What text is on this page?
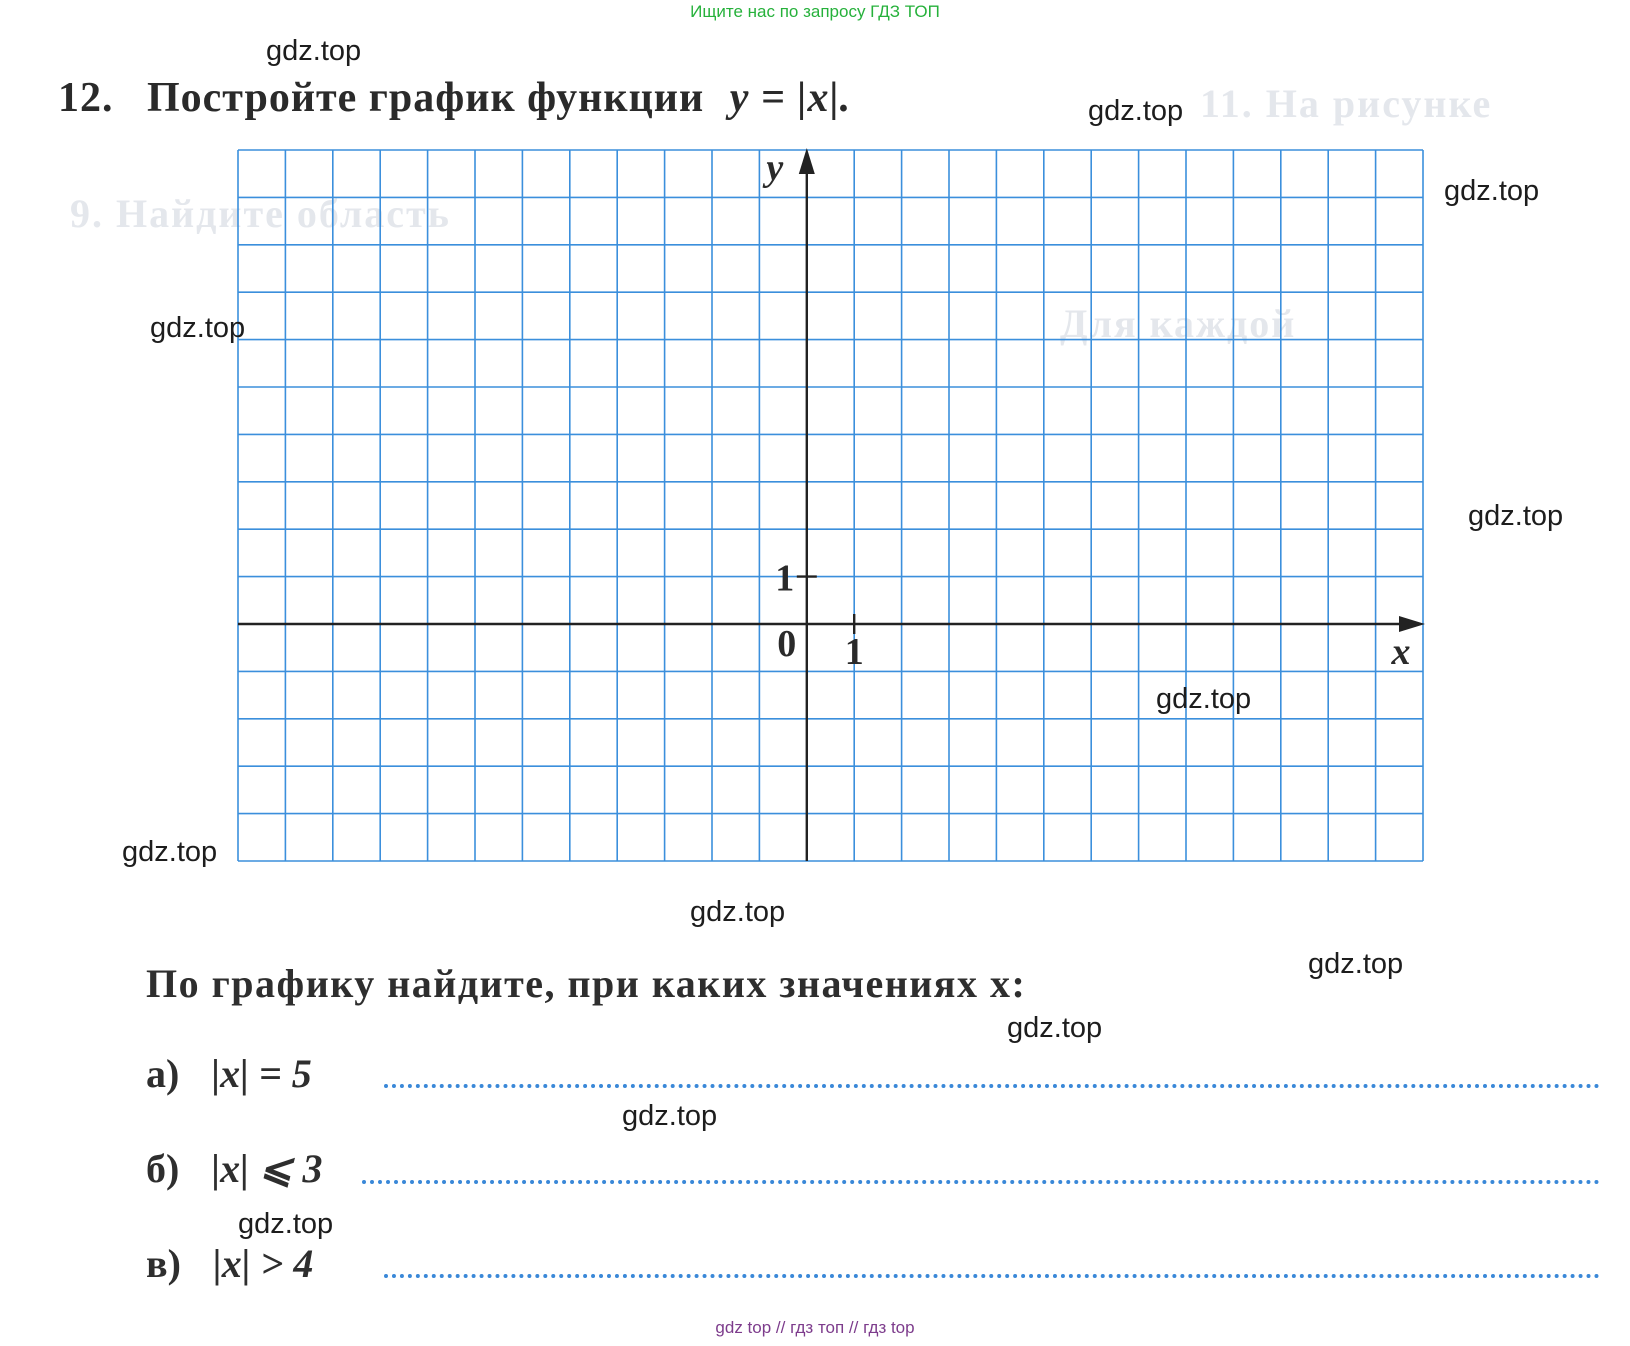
11. На рисунке
9. Найдите область
Для каждой
Ищите нас по запросу ГДЗ ТОП
12. Постройте график функции y = |x|.
0 1
1
x
y
По графику найдите, при каких значениях x:
а) |x| = 5
б) |x| ⩽ 3
в) |x| > 4
gdz.top
gdz.top
gdz.top
gdz.top
gdz.top
gdz.top
gdz.top
gdz.top
gdz.top
gdz.top
gdz.top
gdz.top
gdz top // гдз топ // гдз top
